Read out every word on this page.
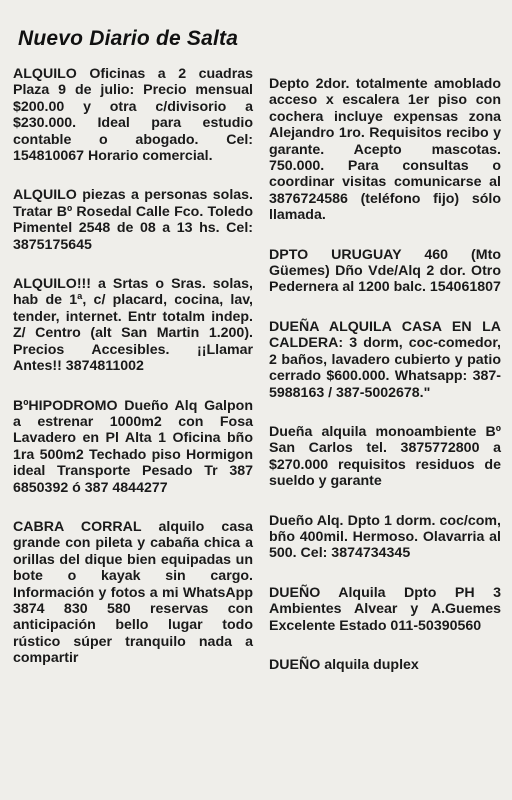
Nuevo Diario de Salta
ALQUILO Oficinas a 2 cuadras Plaza 9 de julio: Precio mensual $200.00 y otra c/divisorio a $230.000. Ideal para estudio contable o abogado. Cel: 154810067 Horario comercial.
ALQUILO piezas a personas solas. Tratar Bº Rosedal Calle Fco. Toledo Pimentel 2548 de 08 a 13 hs. Cel: 3875175645
ALQUILO!!! a Srtas o Sras. solas, hab de 1ª, c/ placard, cocina, lav, tender, internet. Entr totalm indep. Z/ Centro (alt San Martin 1.200). Precios Accesibles. ¡¡Llamar Antes!! 3874811002
BºHIPODROMO Dueño Alq Galpon a estrenar 1000m2 con Fosa Lavadero en Pl Alta 1 Oficina bño 1ra 500m2 Techado piso Hormigon ideal Transporte Pesado Tr 387 6850392 ó 387 4844277
CABRA CORRAL alquilo casa grande con pileta y cabaña chica a orillas del dique bien equipadas un bote o kayak sin cargo. Información y fotos a mi WhatsApp 3874 830 580 reservas con anticipación bello lugar todo rústico súper tranquilo nada a compartir
Depto 2dor. totalmente amoblado acceso x escalera 1er piso con cochera incluye expensas zona Alejandro 1ro. Requisitos recibo y garante. Acepto mascotas. 750.000. Para consultas o coordinar visitas comunicarse al 3876724586 (teléfono fijo) sólo llamada.
DPTO URUGUAY 460 (Mto Güemes) Dño Vde/Alq 2 dor. Otro Pedernera al 1200 balc. 154061807
DUEÑA ALQUILA CASA EN LA CALDERA: 3 dorm, coc-comedor, 2 baños, lavadero cubierto y patio cerrado $600.000. Whatsapp: 387-5988163 / 387-5002678."
Dueña alquila monoambiente Bº San Carlos tel. 3875772800 a $270.000 requisitos residuos de sueldo y garante
Dueño Alq. Dpto 1 dorm. coc/com, bño 400mil. Hermoso. Olavarria al 500. Cel: 3874734345
DUEÑO Alquila Dpto PH 3 Ambientes Alvear y A.Guemes Excelente Estado 011-50390560
DUEÑO alquila duplex
